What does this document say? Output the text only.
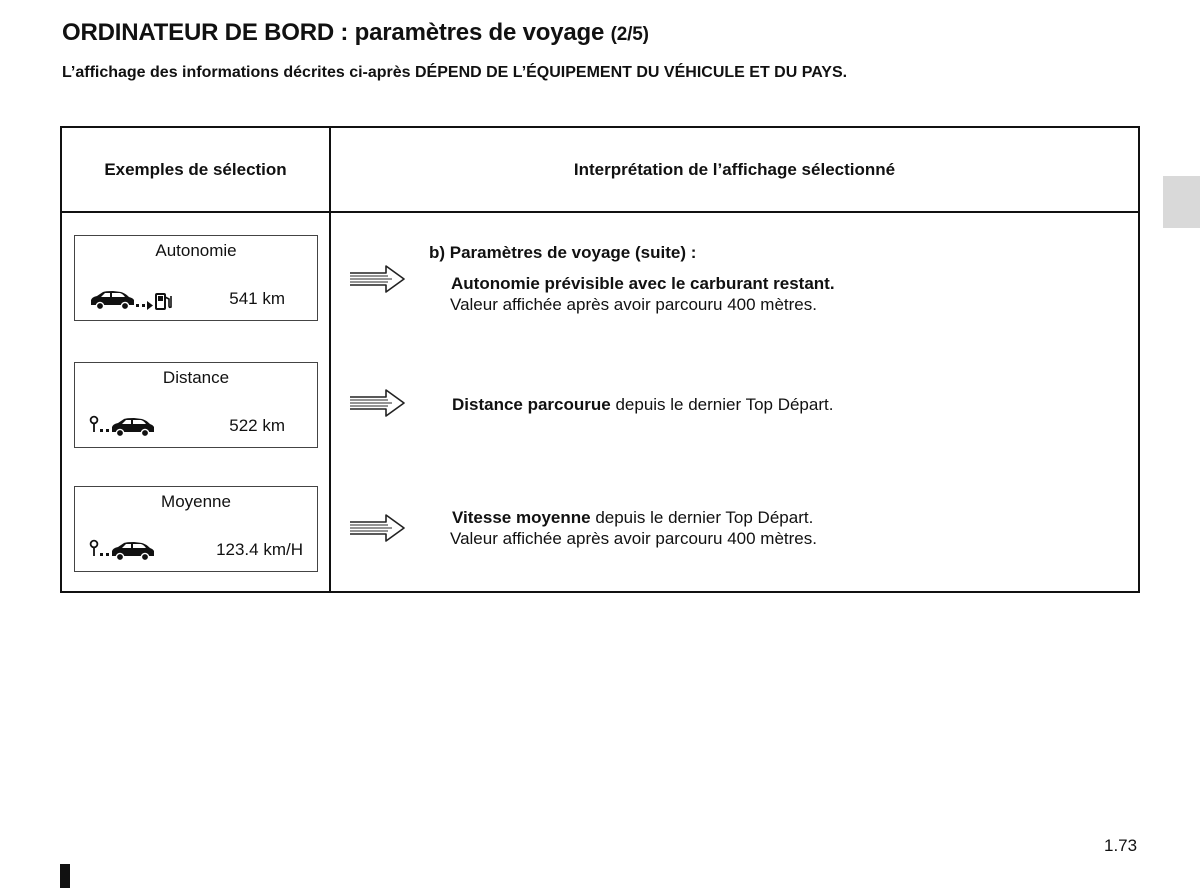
ORDINATEUR DE BORD : paramètres de voyage (2/5)

L’affichage des informations décrites ci-après DÉPEND DE L’ÉQUIPEMENT DU VÉHICULE ET DU PAYS.

Exemples de sélection	Interprétation de l’affichage sélectionné
Autonomie
541 km
Distance
522 km
Moyenne
123.4 km/H
b) Paramètres de voyage (suite) :
Autonomie prévisible avec le carburant restant.
Valeur affichée après avoir parcouru 400 mètres.
Distance parcourue depuis le dernier Top Départ.
Vitesse moyenne depuis le dernier Top Départ.
Valeur affichée après avoir parcouru 400 mètres.
1.73
